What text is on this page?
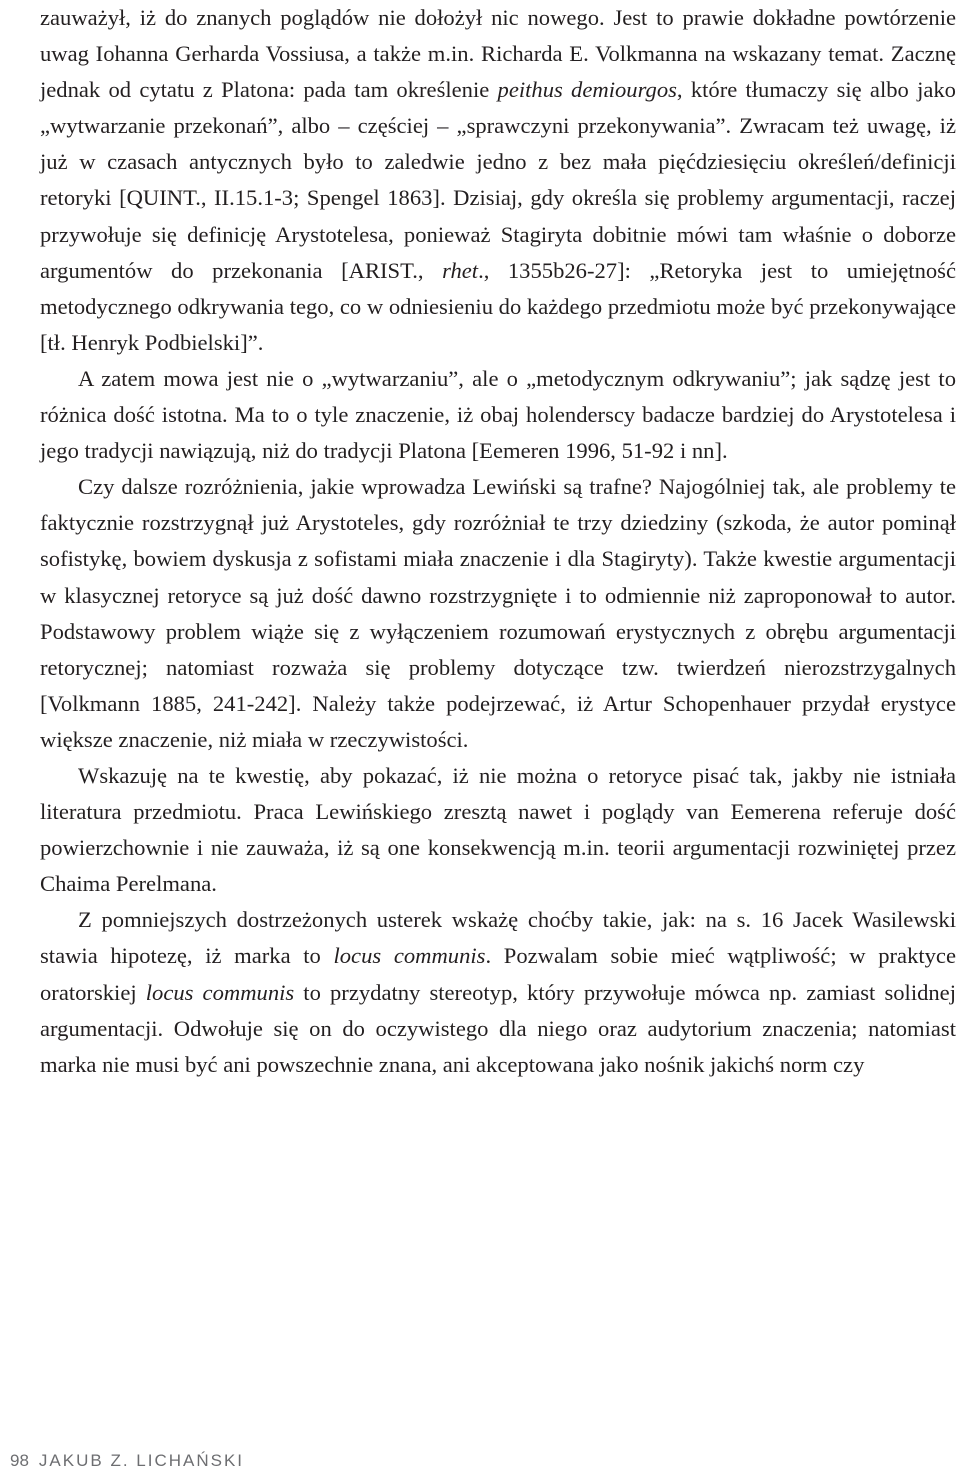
zauważył, iż do znanych poglądów nie dołożył nic nowego. Jest to prawie dokładne powtórzenie uwag Iohanna Gerharda Vossiusa, a także m.in. Richarda E. Volkmanna na wskazany temat. Zacznę jednak od cytatu z Platona: pada tam określenie peithus demiourgos, które tłumaczy się albo jako „wytwarzanie przekonań”, albo – częściej – „sprawczyni przekonywania”. Zwracam też uwagę, iż już w czasach antycznych było to zaledwie jedno z bez mała pięćdziesięciu określeń/definicji retoryki [QUINT., II.15.1-3; Spengel 1863]. Dzisiaj, gdy określa się problemy argumentacji, raczej przywołuje się definicję Arystotelesa, ponieważ Stagiryta dobitnie mówi tam właśnie o doborze argumentów do przekonania [ARIST., rhet., 1355b26-27]: „Retoryka jest to umiejętność metodycznego odkrywania tego, co w odniesieniu do każdego przedmiotu może być przekonywające [tł. Henryk Podbielski]”.

A zatem mowa jest nie o „wytwarzaniu”, ale o „metodycznym odkrywaniu”; jak sądzę jest to różnica dość istotna. Ma to o tyle znaczenie, iż obaj holenderscy badacze bardziej do Arystotelesa i jego tradycji nawiązują, niż do tradycji Platona [Eemeren 1996, 51-92 i nn].

Czy dalsze rozróżnienia, jakie wprowadza Lewiński są trafne? Najogólniej tak, ale problemy te faktycznie rozstrzygnął już Arystoteles, gdy rozróżniał te trzy dziedziny (szkoda, że autor pominął sofistykę, bowiem dyskusja z sofistami miała znaczenie i dla Stagiryty). Także kwestie argumentacji w klasycznej retoryce są już dość dawno rozstrzygnięte i to odmiennie niż zaproponował to autor. Podstawowy problem wiąże się z wyłączeniem rozumowań erystycznych z obrębu argumentacji retorycznej; natomiast rozważa się problemy dotyczące tzw. twierdzeń nierozstrzygalnych [Volkmann 1885, 241-242]. Należy także podejrzewać, iż Artur Schopenhauer przydał erystyce większe znaczenie, niż miała w rzeczywistości.

Wskazuję na te kwestię, aby pokazać, iż nie można o retoryce pisać tak, jakby nie istniała literatura przedmiotu. Praca Lewińskiego zresztą nawet i poglądy van Eemerena referuje dość powierzchownie i nie zauważa, iż są one konsekwencją m.in. teorii argumentacji rozwiniętej przez Chaima Perelmana.

Z pomniejszych dostrzeżonych usterek wskażę choćby takie, jak: na s. 16 Jacek Wasilewski stawia hipotezę, iż marka to locus communis. Pozwalam sobie mieć wątpliwość; w praktyce oratorskiej locus communis to przydatny stereotyp, który przywołuje mówca np. zamiast solidnej argumentacji. Odwołuje się on do oczywistego dla niego oraz audytorium znaczenia; natomiast marka nie musi być ani powszechnie znana, ani akceptowana jako nośnik jakichś norm czy

98 JAKUB Z. LICHAŃSKI
